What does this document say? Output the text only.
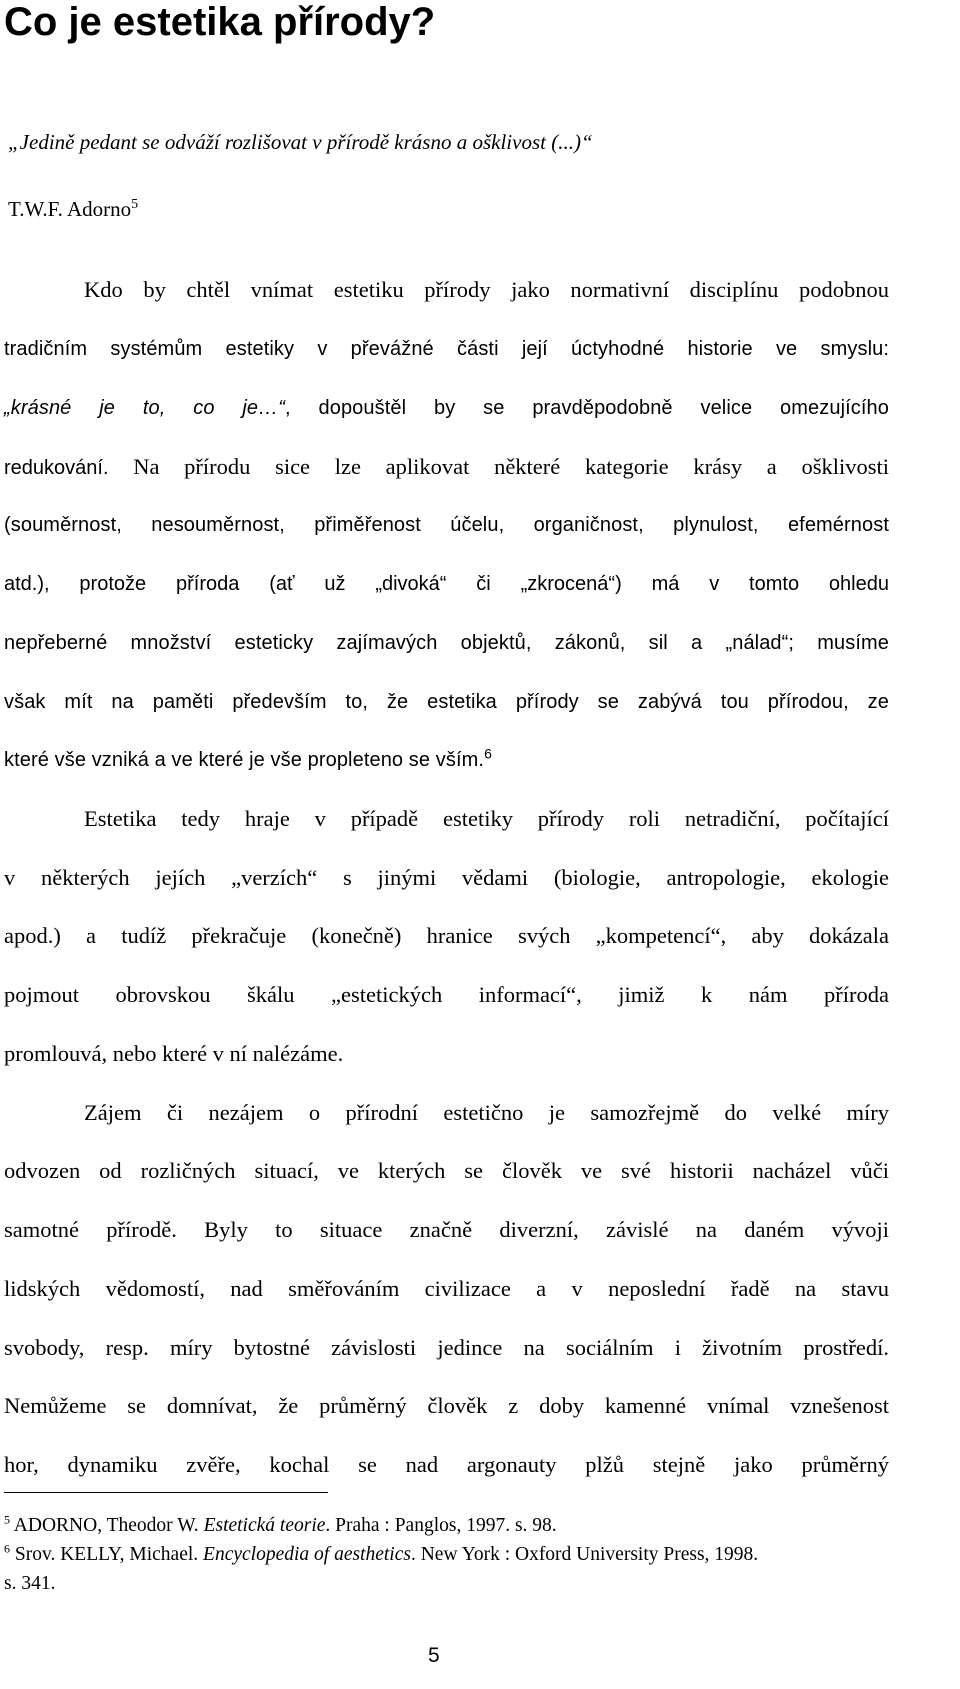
Co je estetika přírody?
„Jedině pedant se odváží rozlišovat v přírodě krásno a ošklivost (...)“
T.W.F. Adorno$^5$
Kdo by chtěl vnímat estetiku přírody jako normativní disciplínu podobnou
tradičním systémům estetiky v převážné části její úctyhodné historie ve smyslu:
„krásné je to, co je…“, dopouštěl by se pravděpodobně velice omezujícího
redukování. Na přírodu sice lze aplikovat některé kategorie krásy a ošklivosti
(souměrnost, nesouměrnost, přiměřenost účelu, organičnost, plynulost, efemérnost
atd.), protože příroda (ať už „divoká“ či „zkrocená“) má v tomto ohledu
nepřeberné množství esteticky zajímavých objektů, zákonů, sil a „nálad“; musíme
však mít na paměti především to, že estetika přírody se zabývá tou přírodou, ze
které vše vzniká a ve které je vše propleteno se vším.$^6$
Estetika tedy hraje v případě estetiky přírody roli netradiční, počítající
v některých jejích „verzích“ s jinými vědami (biologie, antropologie, ekologie
apod.) a tudíž překračuje (konečně) hranice svých „kompetencí“, aby dokázala
pojmout obrovskou škálu „estetických informací“, jimiž k nám příroda
promlouvá, nebo které v ní nalézáme.
Zájem či nezájem o přírodní estetično je samozřejmě do velké míry
odvozen od rozličných situací, ve kterých se člověk ve své historii nacházel vůči
samotné přírodě. Byly to situace značně diverzní, závislé na daném vývoji
lidských vědomostí, nad směřováním civilizace a v neposlední řadě na stavu
svobody, resp. míry bytostné závislosti jedince na sociálním i životním prostředí.
Nemůžeme se domnívat, že průměrný člověk z doby kamenné vnímal vznešenost
hor, dynamiku zvěře, kochal se nad argonauty plžů stejně jako průměrný
$^5$ ADORNO, Theodor W. Estetická teorie. Praha : Panglos, 1997. s. 98.
$^6$ Srov. KELLY, Michael. Encyclopedia of aesthetics. New York : Oxford University Press, 1998.
s. 341.
5
